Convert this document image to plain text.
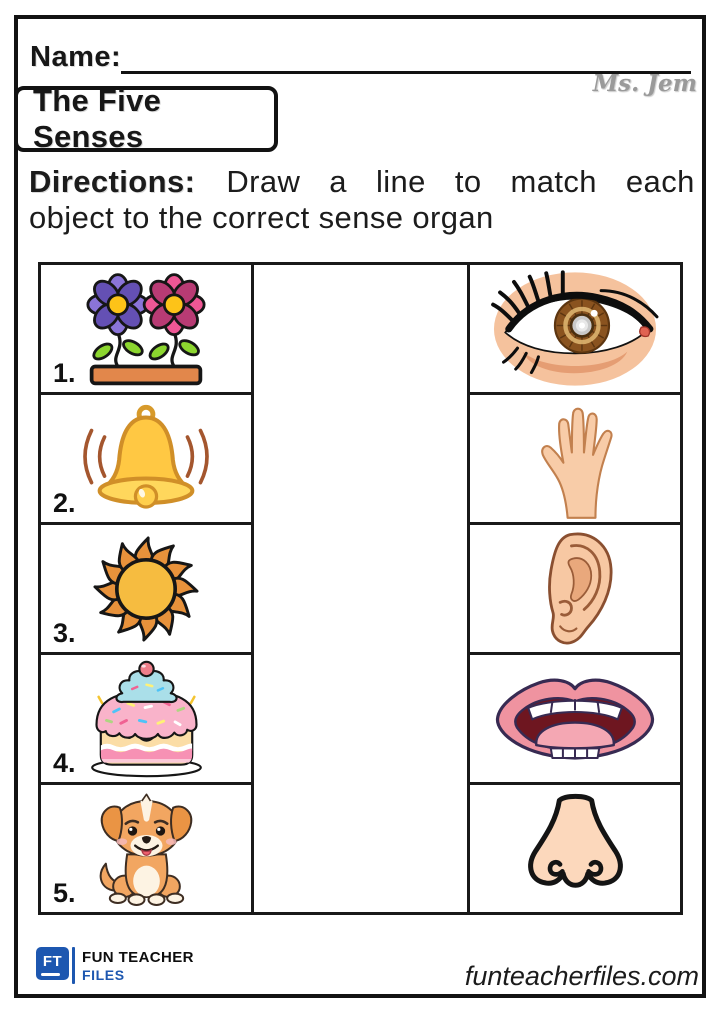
Name:
Ms. Jem
The Five Senses
Directions: Draw a line to match each
object to the correct sense organ
1.
2.
3.
4.
5.
FT FUN TEACHER
FILES	funteacherfiles.com
